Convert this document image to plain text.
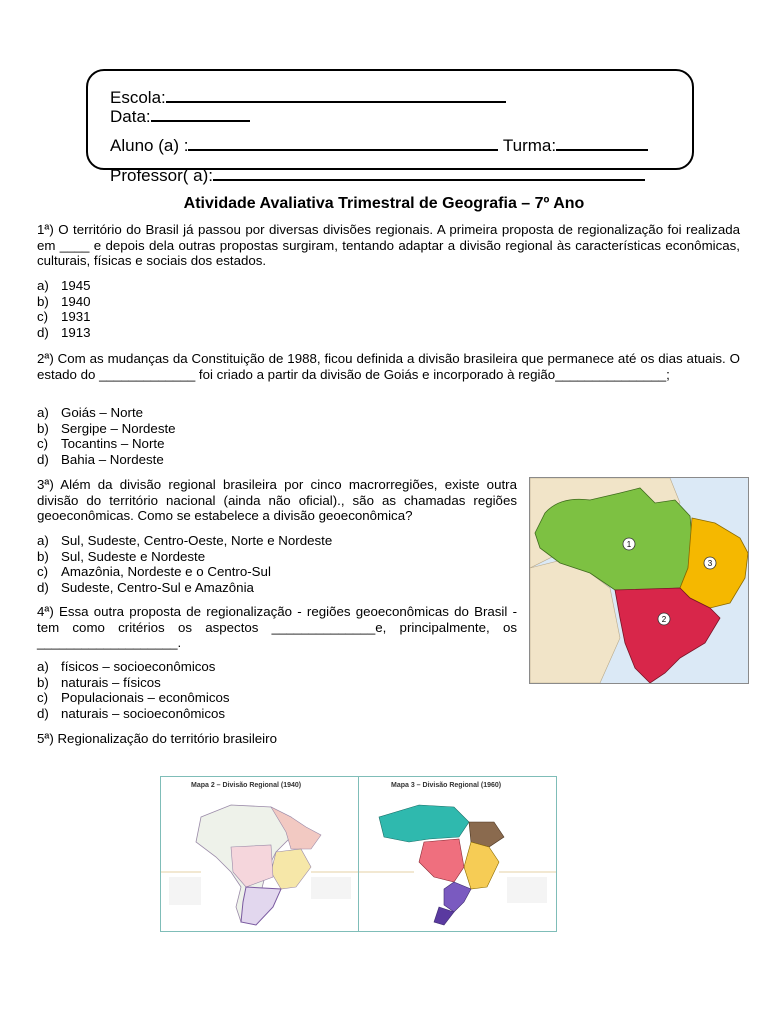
Escola:
Data:
Aluno (a) :	Turma:
Professor( a):
Atividade Avaliativa Trimestral de Geografia – 7º Ano
1ª) O território do Brasil já passou por diversas divisões regionais. A primeira proposta de regionalização foi realizada em ____ e depois dela outras propostas surgiram, tentando adaptar a divisão regional às características econômicas, culturais, físicas e sociais dos estados.
a) 1945
b) 1940
c) 1931
d) 1913
2ª) Com as mudanças da Constituição de 1988, ficou definida a divisão brasileira que permanece até os dias atuais. O estado do _____________ foi criado a partir da divisão de Goiás e incorporado à região_______________;
a) Goiás – Norte
b) Sergipe – Nordeste
c) Tocantins – Norte
d) Bahia – Nordeste
3ª) Além da divisão regional brasileira por cinco macrorregiões, existe outra divisão do território nacional (ainda não oficial)., são as chamadas regiões geoeconômicas. Como se estabelece a divisão geoeconômica?
a) Sul, Sudeste, Centro-Oeste, Norte e Nordeste
b) Sul, Sudeste e Nordeste
c) Amazônia, Nordeste e o Centro-Sul
d) Sudeste, Centro-Sul e Amazônia
1
3
2
4ª) Essa outra proposta de regionalização - regiões geoeconômicas do Brasil - tem como critérios os aspectos ______________e, principalmente, os ___________________.
a) físicos – socioeconômicos
b) naturais – físicos
c) Populacionais – econômicos
d) naturais – socioeconômicos
5ª) Regionalização do território brasileiro
Mapa 2 – Divisão Regional (1940)	Mapa 3 – Divisão Regional (1960)
